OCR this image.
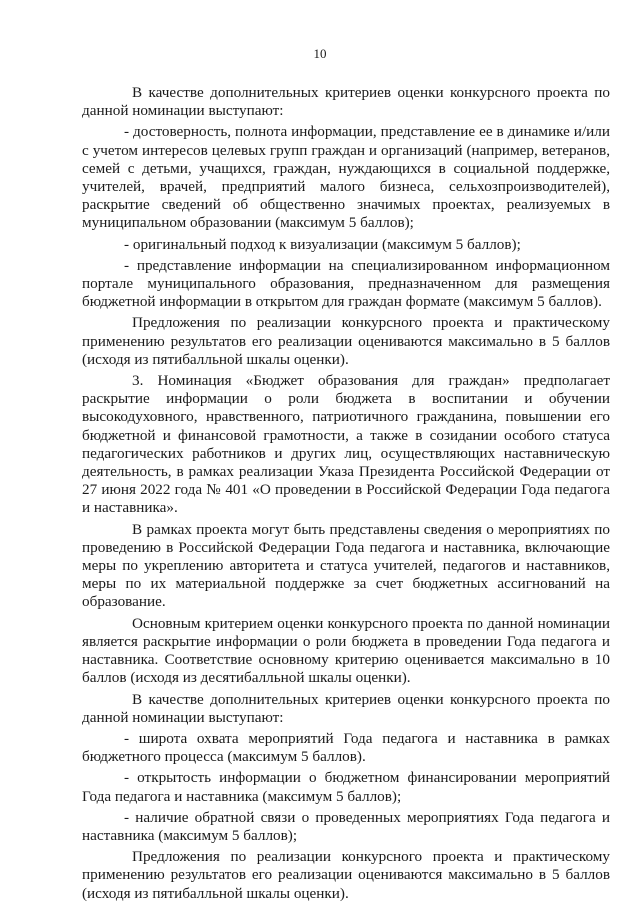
10

В качестве дополнительных критериев оценки конкурсного проекта по данной номинации выступают:

- достоверность, полнота информации, представление ее в динамике и/или с учетом интересов целевых групп граждан и организаций (например, ветеранов, семей с детьми, учащихся, граждан, нуждающихся в социальной поддержке, учителей, врачей, предприятий малого бизнеса, сельхозпроизводителей), раскрытие сведений об общественно значимых проектах, реализуемых в муниципальном образовании (максимум 5 баллов);

- оригинальный подход к визуализации (максимум 5 баллов);

- представление информации на специализированном информационном портале муниципального образования, предназначенном для размещения бюджетной информации в открытом для граждан формате (максимум 5 баллов).

Предложения по реализации конкурсного проекта и практическому применению результатов его реализации оцениваются максимально в 5 баллов (исходя из пятибалльной шкалы оценки).

3. Номинация «Бюджет образования для граждан» предполагает раскрытие информации о роли бюджета в воспитании и обучении высокодуховного, нравственного, патриотичного гражданина, повышении его бюджетной и финансовой грамотности, а также в созидании особого статуса педагогических работников и других лиц, осуществляющих наставническую деятельность, в рамках реализации Указа Президента Российской Федерации от 27 июня 2022 года № 401 «О проведении в Российской Федерации Года педагога и наставника».

В рамках проекта могут быть представлены сведения о мероприятиях по проведению в Российской Федерации Года педагога и наставника, включающие меры по укреплению авторитета и статуса учителей, педагогов и наставников, меры по их материальной поддержке за счет бюджетных ассигнований на образование.

Основным критерием оценки конкурсного проекта по данной номинации является раскрытие информации о роли бюджета в проведении Года педагога и наставника. Соответствие основному критерию оценивается максимально в 10 баллов (исходя из десятибалльной шкалы оценки).

В качестве дополнительных критериев оценки конкурсного проекта по данной номинации выступают:

- широта охвата мероприятий Года педагога и наставника в рамках бюджетного процесса (максимум 5 баллов).

- открытость информации о бюджетном финансировании мероприятий Года педагога и наставника (максимум 5 баллов);

- наличие обратной связи о проведенных мероприятиях Года педагога и наставника (максимум 5 баллов);

Предложения по реализации конкурсного проекта и практическому применению результатов его реализации оцениваются максимально в 5 баллов (исходя из пятибалльной шкалы оценки).
